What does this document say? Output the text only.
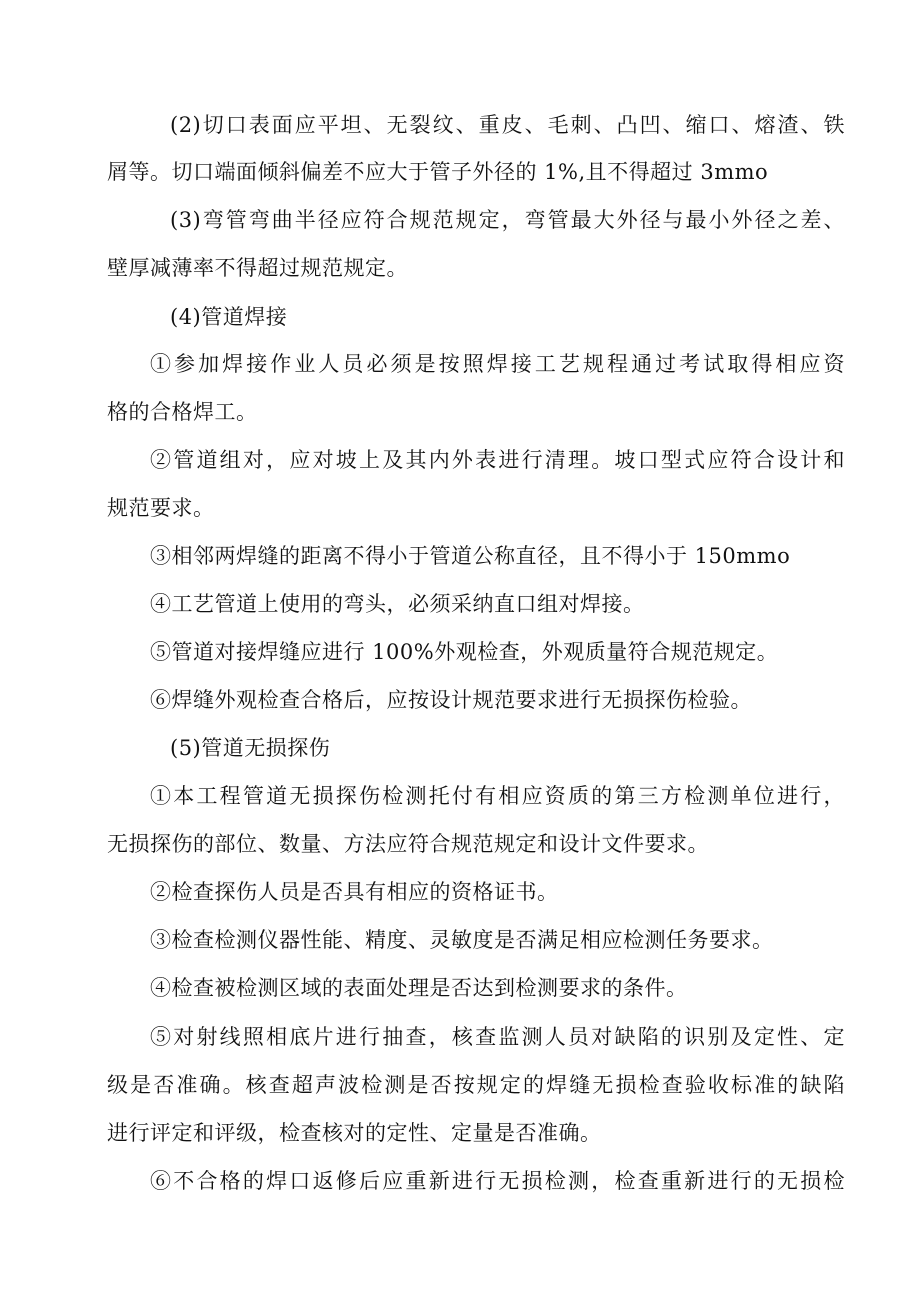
(2)切口表面应平坦、无裂纹、重皮、毛刺、凸凹、缩口、熔渣、铁
屑等。切口端面倾斜偏差不应大于管子外径的 1%,且不得超过 3mmo
(3)弯管弯曲半径应符合规范规定，弯管最大外径与最小外径之差、
壁厚减薄率不得超过规范规定。
(4)管道焊接
①参加焊接作业人员必须是按照焊接工艺规程通过考试取得相应资
格的合格焊工。
②管道组对，应对坡上及其内外表进行清理。坡口型式应符合设计和
规范要求。
③相邻两焊缝的距离不得小于管道公称直径，且不得小于 150mmo
④工艺管道上使用的弯头，必须采纳直口组对焊接。
⑤管道对接焊缝应进行 100%外观检查，外观质量符合规范规定。
⑥焊缝外观检查合格后，应按设计规范要求进行无损探伤检验。
(5)管道无损探伤
①本工程管道无损探伤检测托付有相应资质的第三方检测单位进行，
无损探伤的部位、数量、方法应符合规范规定和设计文件要求。
②检查探伤人员是否具有相应的资格证书。
③检查检测仪器性能、精度、灵敏度是否满足相应检测任务要求。
④检查被检测区域的表面处理是否达到检测要求的条件。
⑤对射线照相底片进行抽查，核查监测人员对缺陷的识别及定性、定
级是否准确。核查超声波检测是否按规定的焊缝无损检查验收标准的缺陷
进行评定和评级，检查核对的定性、定量是否准确。
⑥不合格的焊口返修后应重新进行无损检测，检查重新进行的无损检
